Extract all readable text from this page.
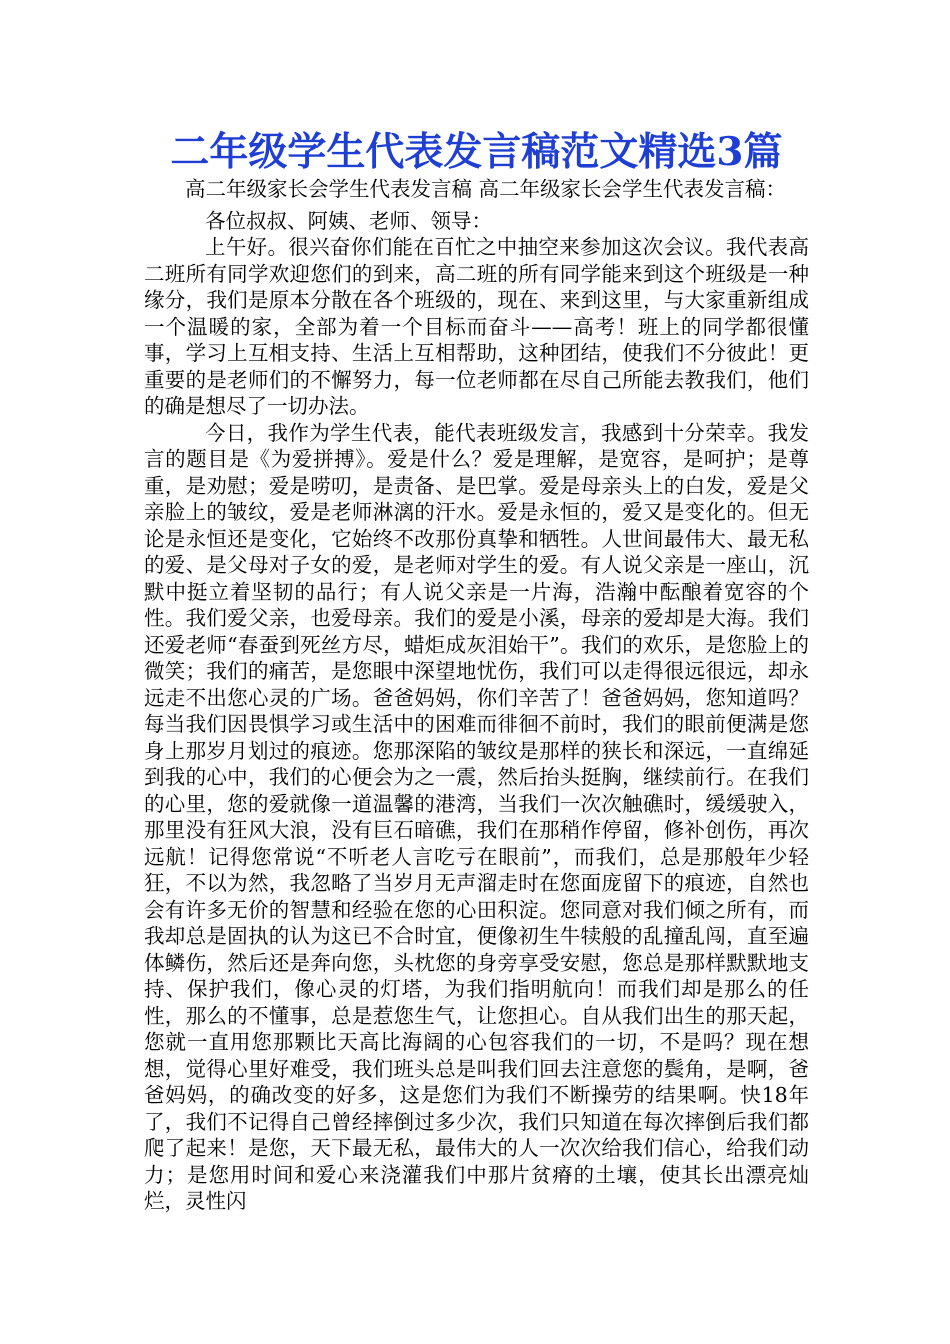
二年级学生代表发言稿范文精选3篇

高二年级家长会学生代表发言稿 高二年级家长会学生代表发言稿：

各位叔叔、阿姨、老师、领导：

上午好。很兴奋你们能在百忙之中抽空来参加这次会议。我代表高二班所有同学欢迎您们的到来，高二班的所有同学能来到这个班级是一种缘分，我们是原本分散在各个班级的，现在、来到这里，与大家重新组成一个温暖的家，全部为着一个目标而奋斗——高考！班上的同学都很懂事，学习上互相支持、生活上互相帮助，这种团结，使我们不分彼此！更重要的是老师们的不懈努力，每一位老师都在尽自己所能去教我们，他们的确是想尽了一切办法。

今日，我作为学生代表，能代表班级发言，我感到十分荣幸。我发言的题目是《为爱拼搏》。爱是什么？爱是理解，是宽容，是呵护；是尊重，是劝慰；爱是唠叨，是责备、是巴掌。爱是母亲头上的白发，爱是父亲脸上的皱纹，爱是老师淋漓的汗水。爱是永恒的，爱又是变化的。但无论是永恒还是变化，它始终不改那份真挚和牺牲。人世间最伟大、最无私的爱、是父母对子女的爱，是老师对学生的爱。有人说父亲是一座山，沉默中挺立着坚韧的品行；有人说父亲是一片海，浩瀚中酝酿着宽容的个性。我们爱父亲，也爱母亲。我们的爱是小溪，母亲的爱却是大海。我们还爱老师“春蚕到死丝方尽，蜡炬成灰泪始干”。我们的欢乐，是您脸上的微笑；我们的痛苦，是您眼中深望地忧伤，我们可以走得很远很远，却永远走不出您心灵的广场。爸爸妈妈，你们辛苦了！爸爸妈妈，您知道吗？每当我们因畏惧学习或生活中的困难而徘徊不前时，我们的眼前便满是您身上那岁月划过的痕迹。您那深陷的皱纹是那样的狭长和深远，一直绵延到我的心中，我们的心便会为之一震，然后抬头挺胸，继续前行。在我们的心里，您的爱就像一道温馨的港湾，当我们一次次触礁时，缓缓驶入，那里没有狂风大浪，没有巨石暗礁，我们在那稍作停留，修补创伤，再次远航！记得您常说“不听老人言吃亏在眼前”，而我们，总是那般年少轻狂，不以为然，我忽略了当岁月无声溜走时在您面庞留下的痕迹，自然也会有许多无价的智慧和经验在您的心田积淀。您同意对我们倾之所有，而我却总是固执的认为这已不合时宜，便像初生牛犊般的乱撞乱闯，直至遍体鳞伤，然后还是奔向您，头枕您的身旁享受安慰，您总是那样默默地支持、保护我们，像心灵的灯塔，为我们指明航向！而我们却是那么的任性，那么的不懂事，总是惹您生气，让您担心。自从我们出生的那天起，您就一直用您那颗比天高比海阔的心包容我们的一切，不是吗？现在想想，觉得心里好难受，我们班头总是叫我们回去注意您的鬓角，是啊，爸爸妈妈，的确改变的好多，这是您们为我们不断操劳的结果啊。快18年了，我们不记得自己曾经摔倒过多少次，我们只知道在每次摔倒后我们都爬了起来！是您，天下最无私，最伟大的人一次次给我们信心，给我们动力；是您用时间和爱心来浇灌我们中那片贫瘠的土壤，使其长出漂亮灿烂，灵性闪
